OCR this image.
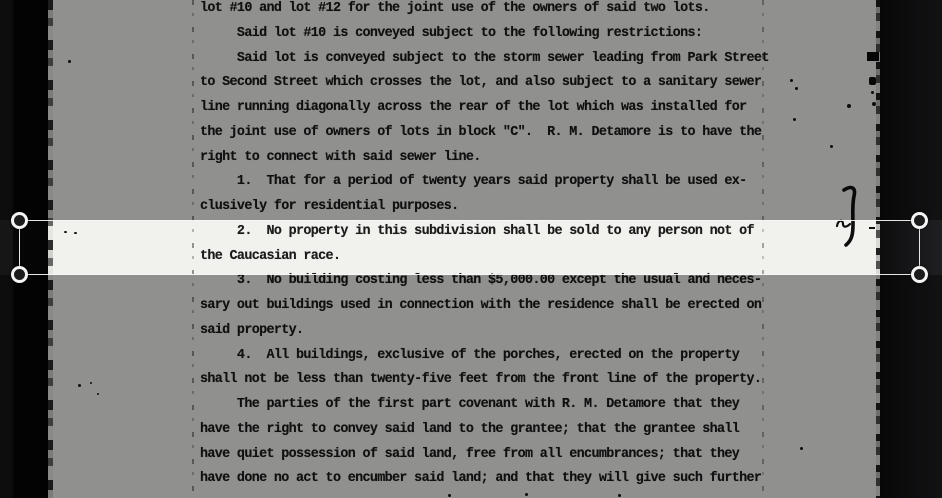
lot #10 and lot #12 for the joint use of the owners of said two lots.
Said lot #10 is conveyed subject to the following restrictions:
Said lot is conveyed subject to the storm sewer leading from Park Street
to Second Street which crosses the lot, and also subject to a sanitary sewer
line running diagonally across the rear of the lot which was installed for
the joint use of owners of lots in block "C".  R. M. Detamore is to have the
right to connect with said sewer line.
1.  That for a period of twenty years said property shall be used ex-
clusively for residential purposes.
2.  No property in this subdivision shall be sold to any person not of
the Caucasian race.
3.  No building costing less than $5,000.00 except the usual and neces-
sary out buildings used in connection with the residence shall be erected on
said property.
4.  All buildings, exclusive of the porches, erected on the property
shall not be less than twenty-five feet from the front line of the property.
The parties of the first part covenant with R. M. Detamore that they
have the right to convey said land to the grantee; that the grantee shall
have quiet possession of said land, free from all encumbrances; that they
have done no act to encumber said land; and that they will give such further
